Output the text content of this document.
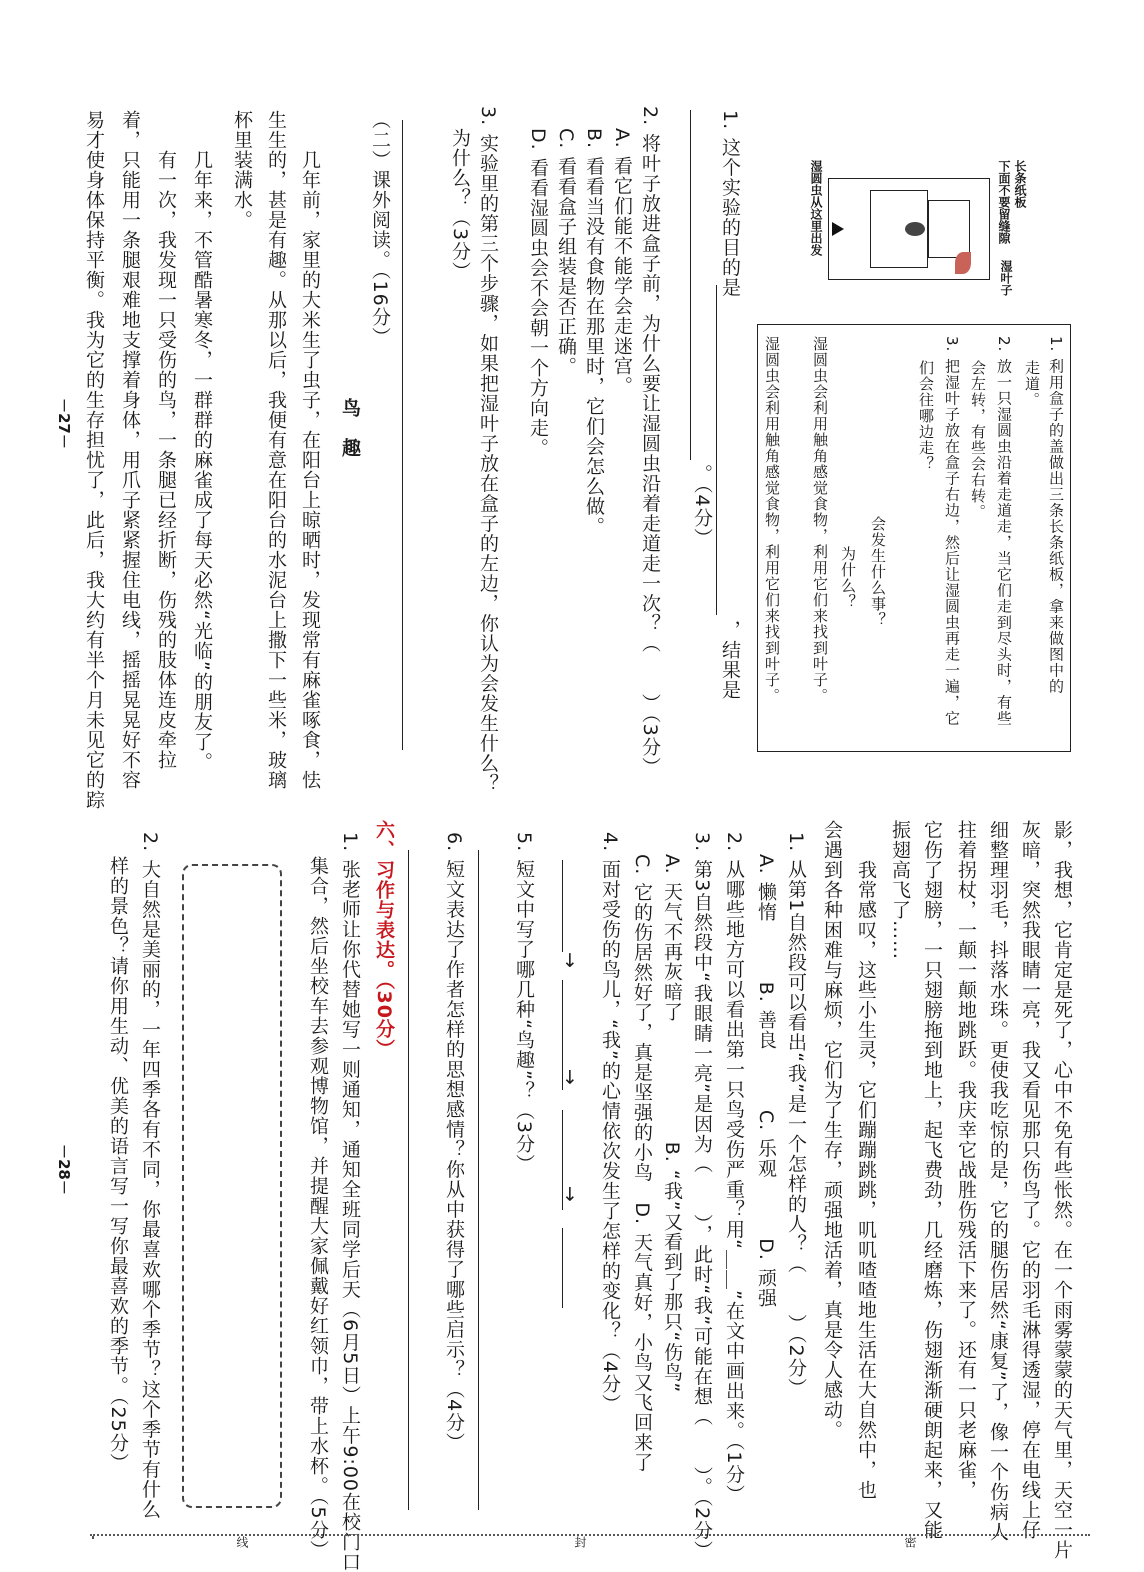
1. 利用盒子的盖做出三条长条纸板，拿来做图中的
走道。
2. 放一只湿圆虫沿着走道走，当它们走到尽头时，有些
会左转，有些会右转。
3. 把湿叶子放在盒子右边，然后让湿圆虫再走一遍，它
们会往哪边走？
会发生什么事？
为什么？
湿圆虫会利用触角感觉食物，利用它们来找到叶子。
湿圆虫会利用触角感觉食物，利用它们来找到叶子。
长条纸板
下面不要留缝隙
湿叶子
湿圆虫从这里出发
1. 这个实验的目的是
，结果是
。（4分）
2. 将叶子放进盒子前，为什么要让湿圆虫沿着走道走一次？（　　）（3分）
A. 看它们能不能学会走迷宫。
B. 看看当没有食物在那里时，它们会怎么做。
C. 看看盒子组装是否正确。
D. 看看湿圆虫会不会朝一个方向走。
3. 实验里的第三个步骤，如果把湿叶子放在盒子的左边，你认为会发生什么？
为什么？（3分）
（二）课外阅读。（16分）
鸟　趣
　　几年前，家里的大米生了虫子，在阳台上晾晒时，发现常有麻雀啄食，怯
生生的，甚是有趣。从那以后，我便有意在阳台的水泥台上撒下一些米，玻璃
杯里装满水。
　　几年来，不管酷暑寒冬，一群群的麻雀成了每天必然“光临”的朋友了。
　　有一次，我发现一只受伤的鸟，一条腿已经折断，伤残的肢体连皮牵拉
着，只能用一条腿艰难地支撑着身体，用爪子紧紧握住电线，摇摇晃晃好不容
易才使身体保持平衡。我为它的生存担忧了，此后，我大约有半个月未见它的踪
－27－
影，我想，它肯定是死了，心中不免有些怅然。在一个雨雾蒙蒙的天气里，天空一片
灰暗，突然我眼睛一亮，我又看见那只伤鸟了。它的羽毛淋得透湿，停在电线上仔
细整理羽毛，抖落水珠。更使我吃惊的是，它的腿伤居然“康复”了，像一个伤病人
拄着拐杖，一颠一颠地跳跃。我庆幸它战胜伤残活下来了。还有一只老麻雀，
它伤了翅膀，一只翅膀拖到地上，起飞费劲，几经磨炼，伤翅渐渐硬朗起来，又能
振翅高飞了……
　　我常感叹，这些小生灵，它们蹦蹦跳跳，叽叽喳喳地生活在大自然中，也
会遇到各种困难与麻烦，它们为了生存，顽强地活着，真是令人感动。
1. 从第1自然段可以看出“我”是一个怎样的人？（　　）（2分）
A. 懒惰　　　B. 善良　　　C. 乐观　　　D. 顽强
2. 从哪些地方可以看出第一只鸟受伤严重？用“＿＿”在文中画出来。（1分）
3. 第3自然段中“我眼睛一亮”是因为（　　），此时“我”可能在想（　　）。（2分）
A. 天气不再灰暗了　　　　　　B. “我”又看到了那只“伤鸟”
C. 它的伤居然好了，真是坚强的小鸟　D. 天气真好，小鸟又飞回来了
4. 面对受伤的鸟儿，“我”的心情依次发生了怎样的变化？（4分）
→　　　　　→　　　　　→
5. 短文中写了哪几种“鸟趣”？（3分）
6. 短文表达了作者怎样的思想感情？你从中获得了哪些启示？（4分）
六、习作与表达。（30分）
1. 张老师让你代替她写一则通知，通知全班同学后天（6月5日）上午9:00在校门口
集合，然后坐校车去参观博物馆，并提醒大家佩戴好红领巾，带上水杯。（5分）
2. 大自然是美丽的，一年四季各有不同，你最喜欢哪个季节？这个季节有什么
样的景色？请你用生动、优美的语言写一写你最喜欢的季节。（25分）
－28－
线	封	密
